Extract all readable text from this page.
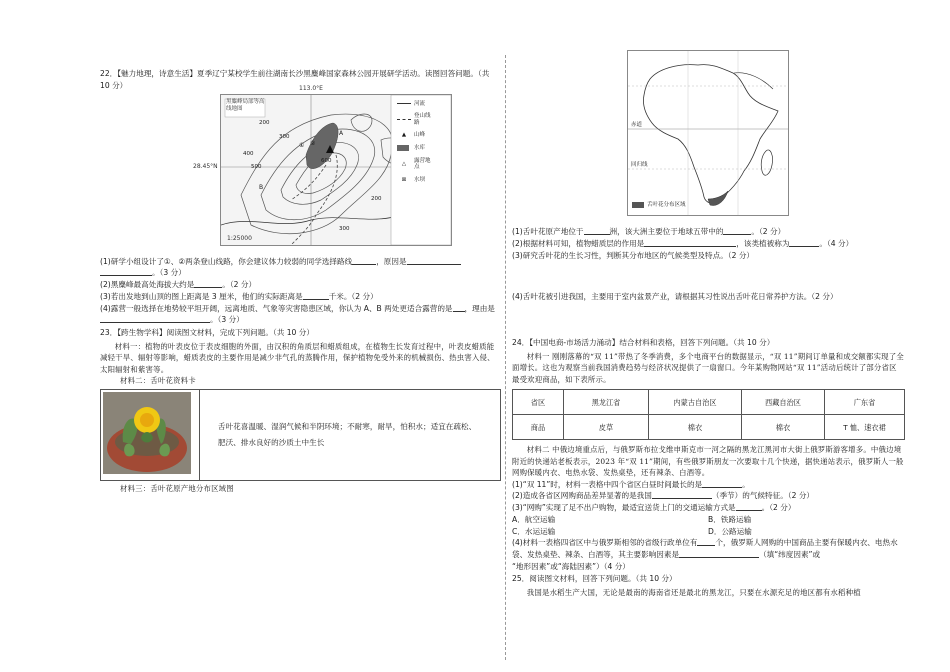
22．【魅力地理，诗意生活】夏季辽宁某校学生前往湖南长沙黑麋峰国家森林公园开展研学活动。读图回答问题。（共 10 分）

黑麋峰局部等高线地图
113.0°E
28.45°N
1:25000
200
300
400
500
200
300
600
① ②
A
B
河流
登山线路
▲	山峰
水库
△
露营地点
⊠	水坝

(1)研学小组设计了①、②两条登山线路，你会建议体力较弱的同学选择路线	，原因是

。（3 分）

(2)黑麋峰最高处海拔大约是	。（2 分）

(3)若出发地到山顶的图上距离是 3 厘米，他们的实际距离是	千米。（2 分）

(4)露营一般选择在地势较平坦开阔，远离地质、气象等灾害隐患区域，你认为 A、B 两处更适合露营的是 ，理由是。（3 分）

23．【跨生物学科】阅读图文材料，完成下列问题。（共 10 分）

材料一：植物的叶表皮位于表皮细胞的外面，由汉积的角质层和蜡质组成，在植物生长发育过程中，叶表皮蜡质能减轻干旱、辐射等影响，蜡质表皮的主要作用是减少非气孔的蒸腾作用，保护植物免受外来的机械损伤、热虫害入侵、太阳辐射和紫害等。

材料二：舌叶花资料卡

舌叶花喜温暖、湿润气候和半阴环境；不耐寒，耐旱，怕积水；适宜在疏松、肥沃、排水良好的沙质土中生长

材料三：舌叶花原产地分布区域图

赤道
回归线
舌叶花分布区域

(1)舌叶花原产地位于	洲，该大洲主要位于地球五带中的	。（2 分）

(2)根据材料可知，植物蜡质层的作用是	，该类植被称为	。（4 分）

(3)研究舌叶花的生长习性，判断其分布地区的气候类型及特点。（2 分）

(4)舌叶花被引进我国，主要用于室内盆景产业，请根据其习性说出舌叶花日常养护方法。（2 分）

24．【中国电商-市场活力涌动】结合材料和表格，回答下列问题。（共 10 分）

材料一 刚刚落幕的“双 11”带热了冬季消费，多个电商平台的数据显示，“双 11”期间订单量和成交额都实现了全面增长。这也为观察当前我国消费趋势与经济状况提供了一扇窗口。今年某购物网站“双 11”活动后统计了部分省区最受欢迎商品，如下表所示。

省区	黑龙江省	内蒙古自治区	西藏自治区	广东省
商品	皮草	棉衣	棉衣	T 恤、速衣裙

材料二 中俄边境重点后，与俄罗斯布拉戈维申斯克市一河之隔的黑龙江黑河市大街上俄罗斯游客增多。中俄边境附近的快递站老板表示，2023 年“双 11”期间，有些俄罗斯朋友一次要取十几个快递，据快递站表示，俄罗斯人一般网购保暖内衣、电热水袋、发热桌垫，还有辣条、白酒等。

(1)“双 11”时，材料一表格中四个省区白昼时间最长的是	。

(2)造成各省区网购商品差异显著的是我国	（季节）的气候特征。（2 分）

(3)“网购”实现了足不出户购物，最适宜送货上门的交通运输方式是	。（2 分）

A．航空运输	B．铁路运输
C．水运运输	D．公路运输

(4)材料一表格四省区中与俄罗斯相邻的省级行政单位有 个，俄罗斯人网购的中国商品主要有保暖内衣、电热水袋、发热桌垫、辣条、白酒等，其主要影响因素是	（填“纬度因素”或
“地形因素”或“海陆因素”）（4 分）

25．阅读图文材料，回答下列问题。（共 10 分）

我国是水稻生产大国，无论是最南的海南省还是最北的黑龙江，只要在水源充足的地区都有水稻种植
